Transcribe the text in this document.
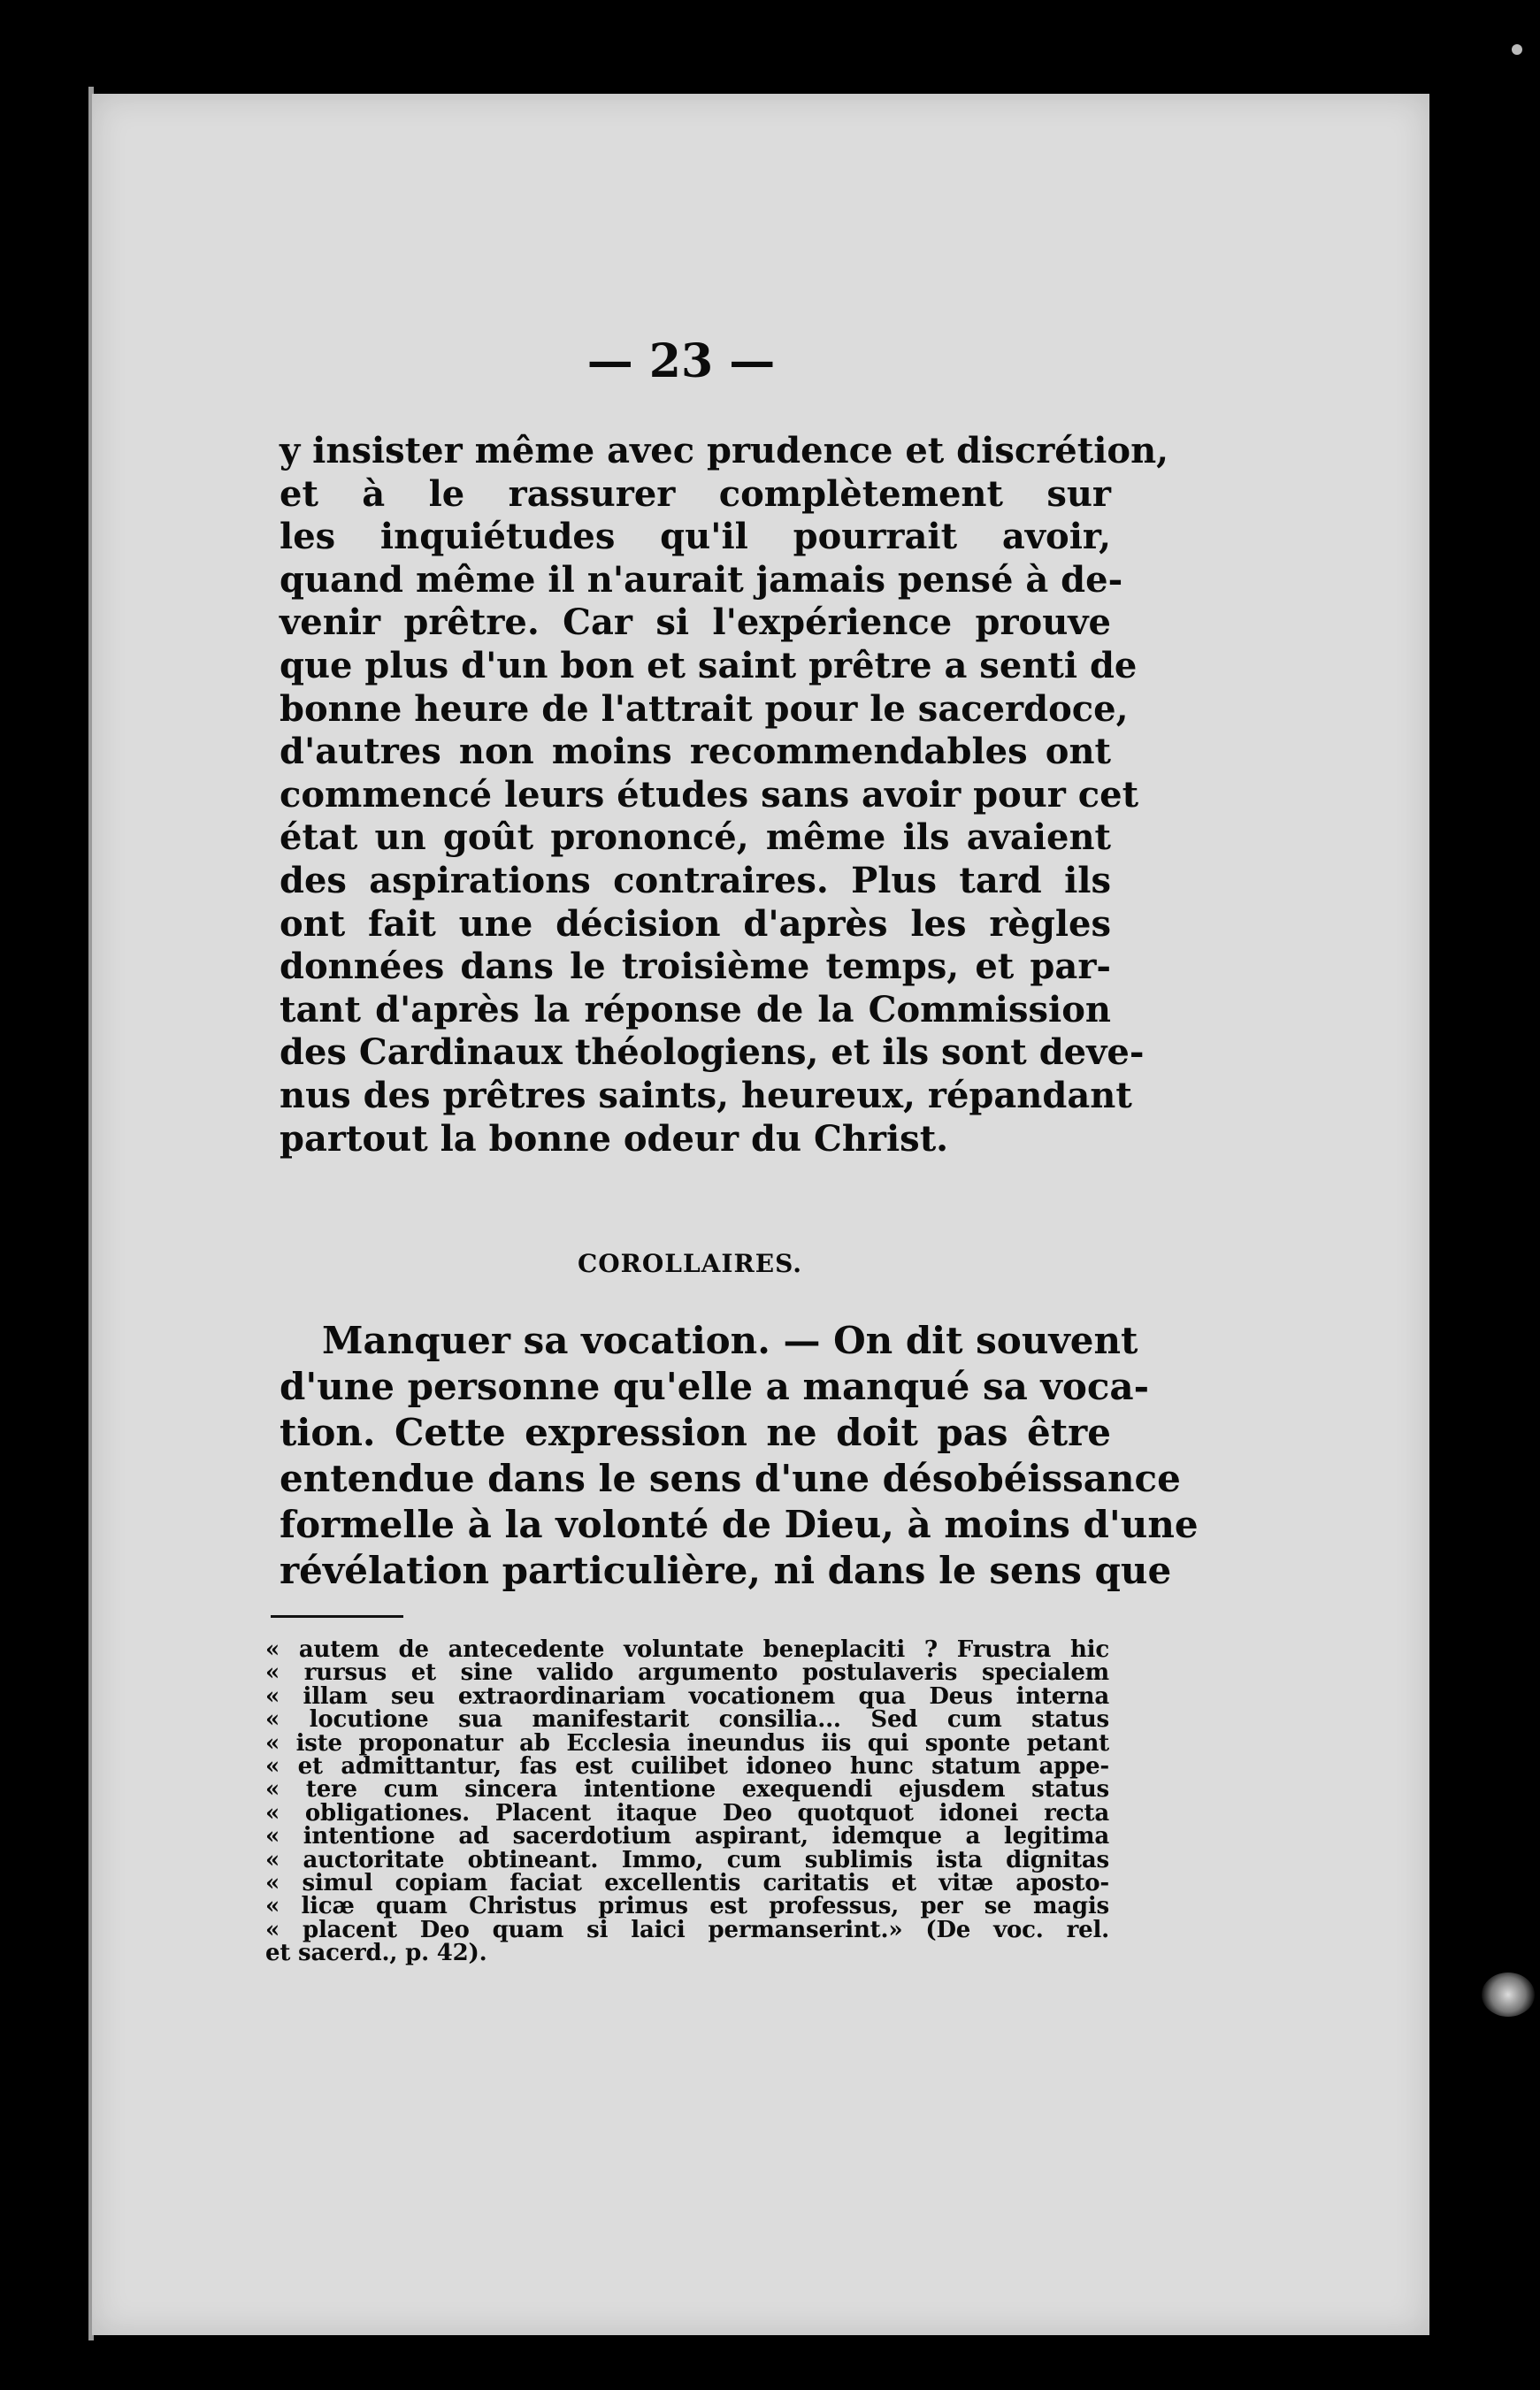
— 23 —
y insister même avec prudence et discrétion,
et à le rassurer complètement sur
les inquiétudes qu'il pourrait avoir,
quand même il n'aurait jamais pensé à de-
venir prêtre. Car si l'expérience prouve
que plus d'un bon et saint prêtre a senti de
bonne heure de l'attrait pour le sacerdoce,
d'autres non moins recommendables ont
commencé leurs études sans avoir pour cet
état un goût prononcé, même ils avaient
des aspirations contraires. Plus tard ils
ont fait une décision d'après les règles
données dans le troisième temps, et par-
tant d'après la réponse de la Commission
des Cardinaux théologiens, et ils sont deve-
nus des prêtres saints, heureux, répandant
partout la bonne odeur du Christ.
COROLLAIRES.
Manquer sa vocation. — On dit souvent
d'une personne qu'elle a manqué sa voca-
tion. Cette expression ne doit pas être
entendue dans le sens d'une désobéissance
formelle à la volonté de Dieu, à moins d'une
révélation particulière, ni dans le sens que
« autem de antecedente voluntate beneplaciti ? Frustra hic
« rursus et sine valido argumento postulaveris specialem
« illam seu extraordinariam vocationem qua Deus interna
« locutione sua manifestarit consilia... Sed cum status
« iste proponatur ab Ecclesia ineundus iis qui sponte petant
« et admittantur, fas est cuilibet idoneo hunc statum appe-
« tere cum sincera intentione exequendi ejusdem status
« obligationes. Placent itaque Deo quotquot idonei recta
« intentione ad sacerdotium aspirant, idemque a legitima
« auctoritate obtineant. Immo, cum sublimis ista dignitas
« simul copiam faciat excellentis caritatis et vitæ aposto-
« licæ quam Christus primus est professus, per se magis
« placent Deo quam si laici permanserint.» (De voc. rel.
et sacerd., p. 42).
